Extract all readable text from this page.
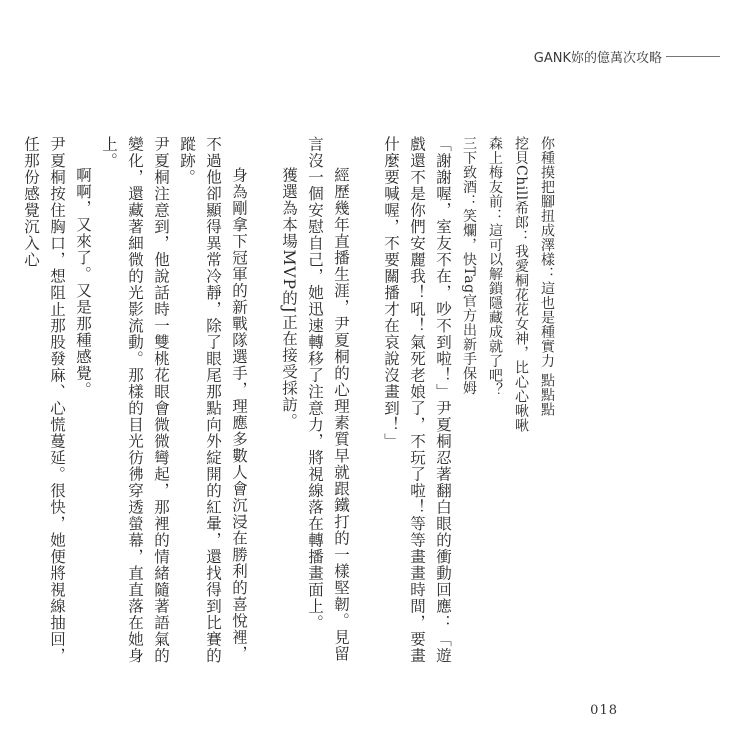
GANK妳的億萬次攻略

你種摸把腳扭成澤樣：這也是種實力 點點點

挖貝Chill希郎：我愛桐花花女神，比心心啾啾

森上梅友前：這可以解鎖隱藏成就了吧？

三下致酒：笑爛，快Tag官方出新手保姆

「謝謝喔，室友不在，吵不到啦！」尹夏桐忍著翻白眼的衝動回應：「遊戲還不是你們安麗我！吼！氣死老娘了，不玩了啦！等等畫畫時間，要畫什麼要喊喔，不要關播才在哀說沒畫到！」

經歷幾年直播生涯，尹夏桐的心理素質早就跟鐵打的一樣堅韌。見留言沒一個安慰自己，她迅速轉移了注意力，將視線落在轉播畫面上。

獲選為本場MVP的J正在接受採訪。

身為剛拿下冠軍的新戰隊選手，理應多數人會沉浸在勝利的喜悅裡，不過他卻顯得異常冷靜，除了眼尾那點向外綻開的紅暈，還找得到比賽的蹤跡。

尹夏桐注意到，他說話時一雙桃花眼會微微彎起，那裡的情緒隨著語氣的變化，還藏著細微的光影流動。那樣的目光彷彿穿透螢幕，直直落在她身上。

啊啊，又來了。又是那種感覺。

尹夏桐按住胸口，想阻止那股發麻、心慌蔓延。很快，她便將視線抽回，任那份感覺沉入心

018
